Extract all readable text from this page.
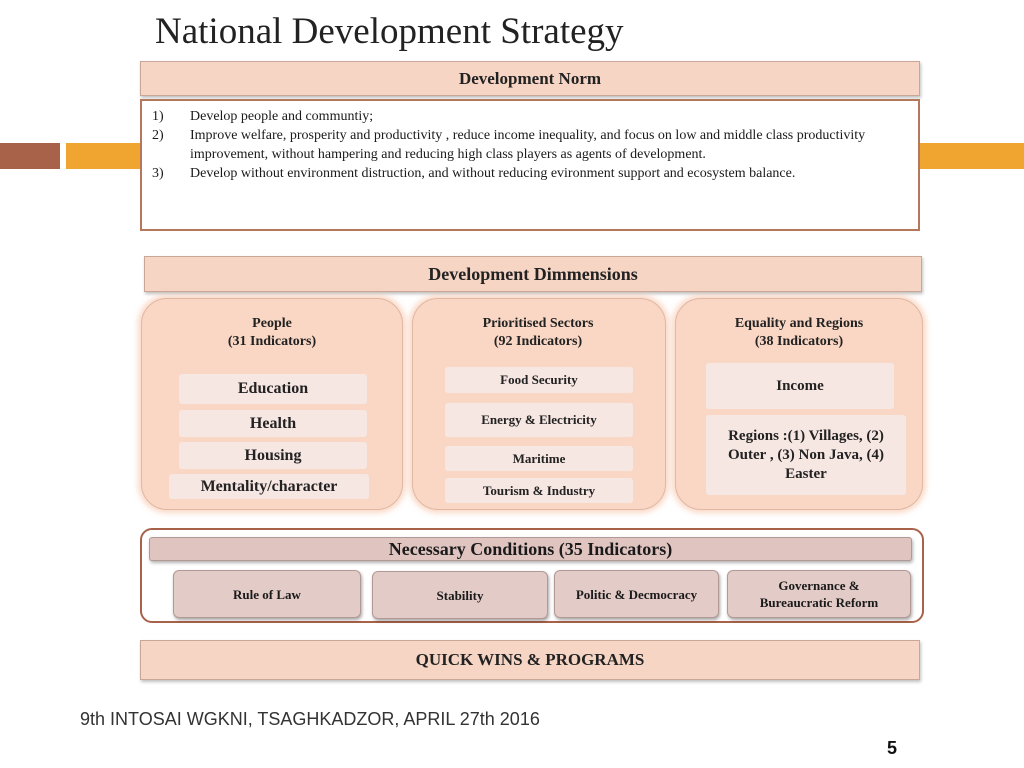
National Development Strategy
Development Norm
1)	Develop people and communtiy;
2)	Improve welfare, prosperity and productivity , reduce income inequality, and focus on low and middle class productivity improvement, without hampering and reducing high class players as agents of development.
3)	Develop without environment distruction, and without reducing evironment support and ecosystem balance.
Development Dimmensions
People
(31 Indicators)
Education
Health
Housing
Mentality/character
Prioritised Sectors
(92 Indicators)
Food Security
Energy & Electricity
Maritime
Tourism & Industry
Equality and Regions
(38 Indicators)
Income
Regions :(1) Villages, (2) Outer , (3) Non Java, (4) Easter
Necessary Conditions (35 Indicators)
Rule of Law	Stability	Politic & Decmocracy
Governance & Bureaucratic Reform
QUICK WINS & PROGRAMS
9th INTOSAI WGKNI, TSAGHKADZOR, APRIL 27th 2016
5
